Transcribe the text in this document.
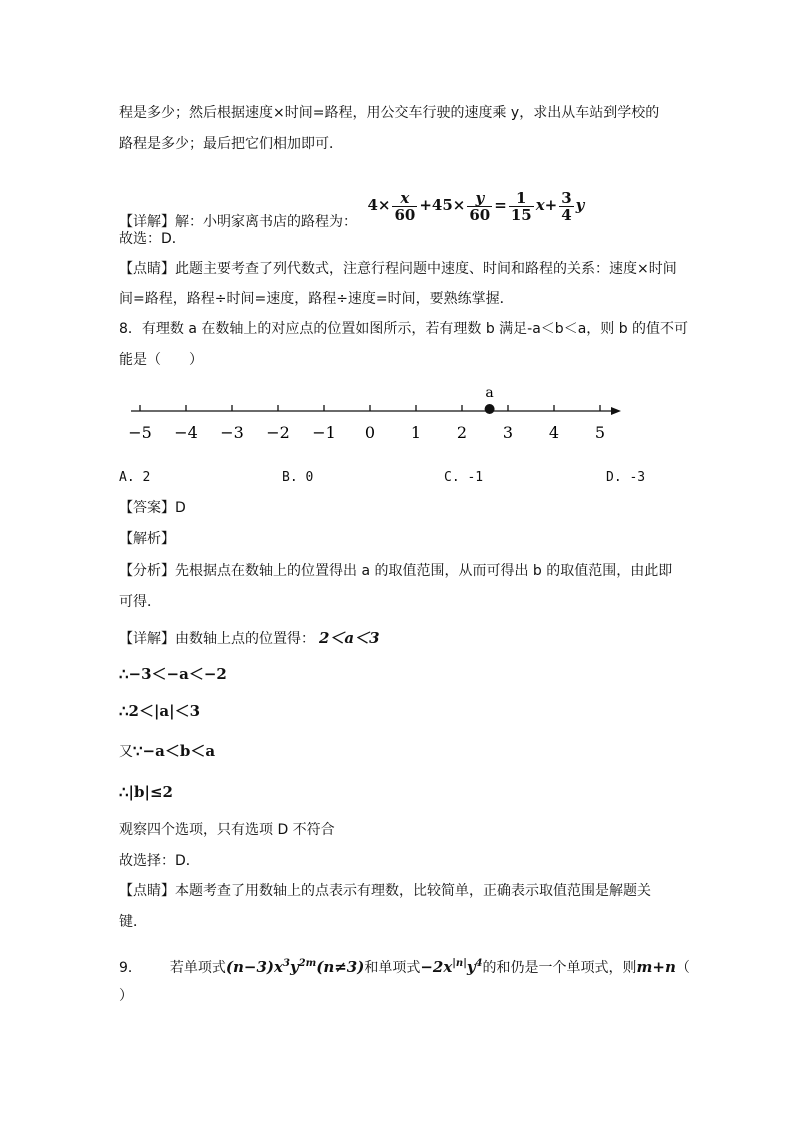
程是多少；然后根据速度×时间=路程，用公交车行驶的速度乘 y，求出从车站到学校的
路程是多少；最后把它们相加即可．
【详解】解：小明家离书店的路程为： $4\times \frac{x}{60} +45\times \frac{y}{60} = \frac{1}{15} x+ \frac{3}{4}$ y
故选：D．
【点睛】此题主要考查了列代数式，注意行程问题中速度、时间和路程的关系：速度×时间
间=路程，路程÷时间=速度，路程÷速度=时间，要熟练掌握．
8．有理数 a 在数轴上的对应点的位置如图所示，若有理数 b 满足-a＜b＜a，则 b 的值不可
能是（　　）
−5 −4 −3 −2 −1 0 1 2 3 4 5
a
A. 2	B. 0	C. -1	D. -3
【答案】D
【解析】
【分析】先根据点在数轴上的位置得出 a 的取值范围，从而可得出 b 的取值范围，由此即
可得．
【详解】由数轴上点的位置得： 2＜a＜3
∴−3＜−a＜−2
∴2＜|a|＜3
又∵−a＜b＜a
∴|b|≤2
观察四个选项，只有选项 D 不符合
故选择：D．
【点睛】本题考查了用数轴上的点表示有理数，比较简单，正确表示取值范围是解题关
键．
9． 若单项式$(n-3)x^3y^{2m}(n\ne 3)$和单项式$-2x^{|n|}y^4$的和仍是一个单项式，则m+n（
）
